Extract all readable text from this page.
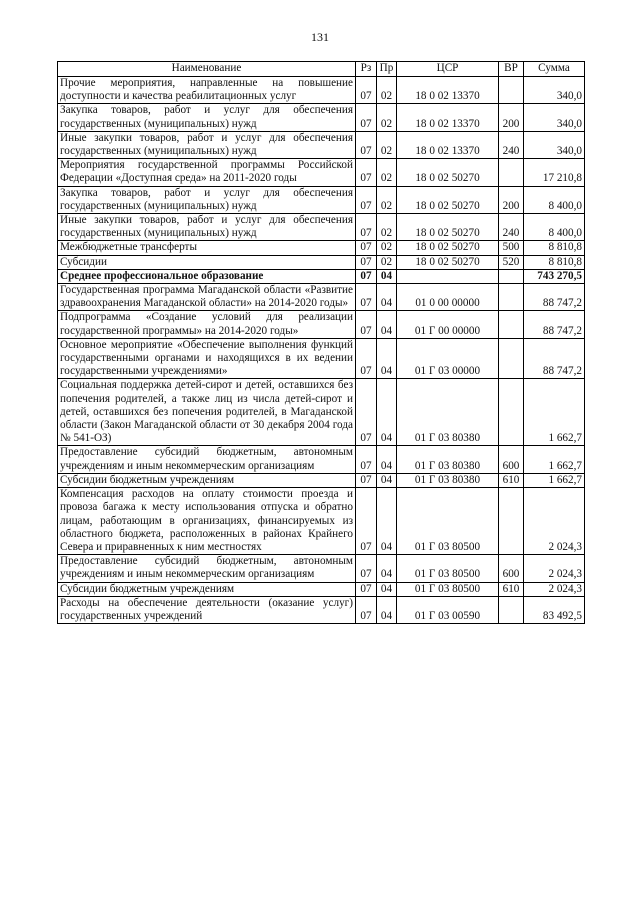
131
Наименование	Рз	Пр	ЦСР	ВР	Сумма
Прочие мероприятия, направленные на повышение доступности и качества реабилитационных услуг	07	02	18 0 02 13370		340,0
Закупка товаров, работ и услуг для обеспечения государственных (муниципальных) нужд	07	02	18 0 02 13370	200	340,0
Иные закупки товаров, работ и услуг для обеспечения государственных (муниципальных) нужд	07	02	18 0 02 13370	240	340,0
Мероприятия государственной программы Российской Федерации «Доступная среда» на 2011-2020 годы	07	02	18 0 02 50270		17 210,8
Закупка товаров, работ и услуг для обеспечения государственных (муниципальных) нужд	07	02	18 0 02 50270	200	8 400,0
Иные закупки товаров, работ и услуг для обеспечения государственных (муниципальных) нужд	07	02	18 0 02 50270	240	8 400,0
Межбюджетные трансферты	07	02	18 0 02 50270	500	8 810,8
Субсидии	07	02	18 0 02 50270	520	8 810,8
Среднее профессиональное образование	07	04			743 270,5
Государственная программа Магаданской области «Развитие здравоохранения Магаданской области» на 2014-2020 годы»	07	04	01 0 00 00000		88 747,2
Подпрограмма «Создание условий для реализации государственной программы» на 2014-2020 годы»	07	04	01 Г 00 00000		88 747,2
Основное мероприятие «Обеспечение выполнения функций государственными органами и находящихся в их ведении государственными учреждениями»	07	04	01 Г 03 00000		88 747,2
Социальная поддержка детей-сирот и детей, оставшихся без попечения родителей, а также лиц из числа детей-сирот и детей, оставшихся без попечения родителей, в Магаданской области (Закон Магаданской области от 30 декабря 2004 года № 541-ОЗ)	07	04	01 Г 03 80380		1 662,7
Предоставление субсидий бюджетным, автономным учреждениям и иным некоммерческим организациям	07	04	01 Г 03 80380	600	1 662,7
Субсидии бюджетным учреждениям	07	04	01 Г 03 80380	610	1 662,7
Компенсация расходов на оплату стоимости проезда и провоза багажа к месту использования отпуска и обратно лицам, работающим в организациях, финансируемых из областного бюджета, расположенных в районах Крайнего Севера и приравненных к ним местностях	07	04	01 Г 03 80500		2 024,3
Предоставление субсидий бюджетным, автономным учреждениям и иным некоммерческим организациям	07	04	01 Г 03 80500	600	2 024,3
Субсидии бюджетным учреждениям	07	04	01 Г 03 80500	610	2 024,3
Расходы на обеспечение деятельности (оказание услуг) государственных учреждений	07	04	01 Г 03 00590		83 492,5
